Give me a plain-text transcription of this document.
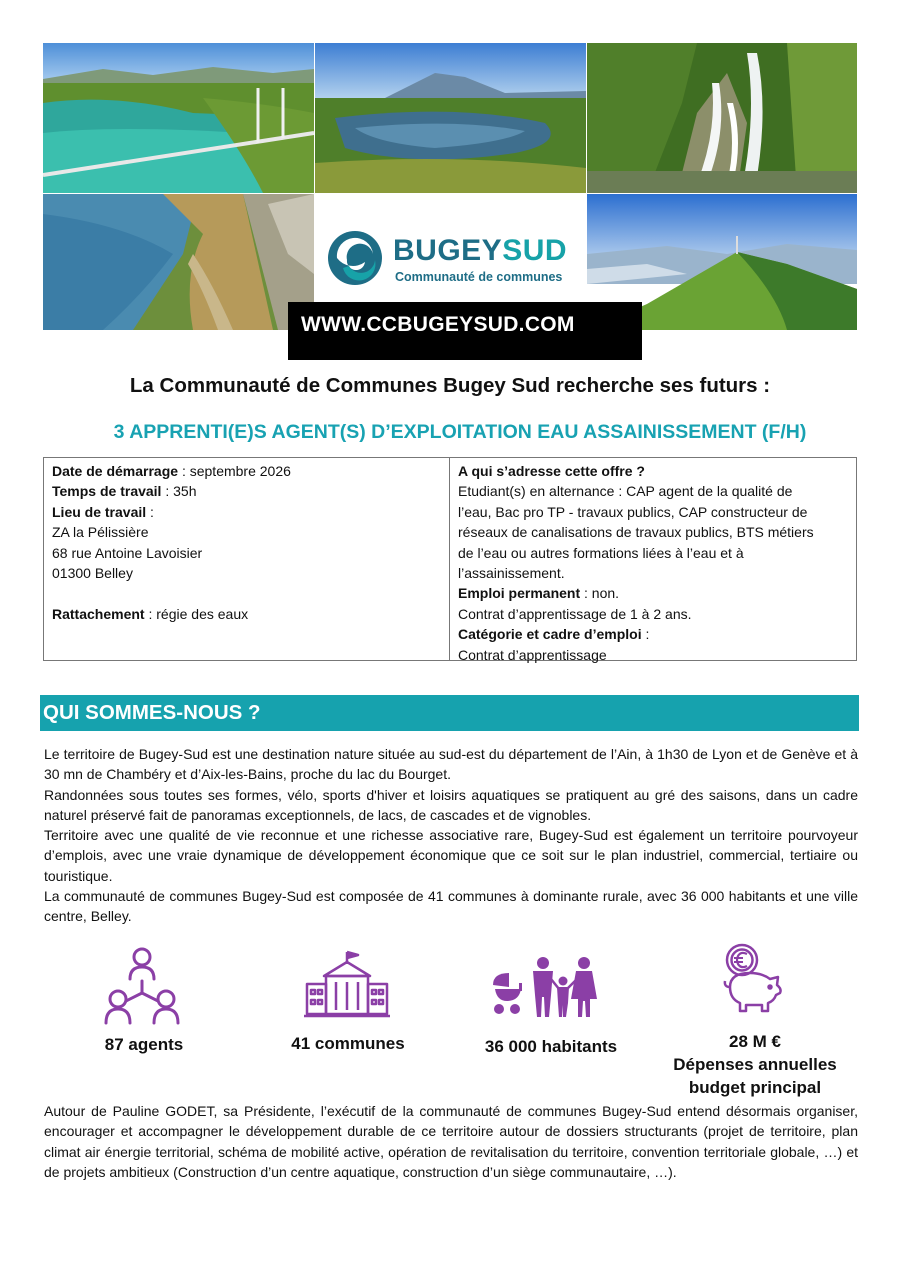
BUGEYSUD
Communauté de communes
WWW.CCBUGEYSUD.COM
La Communauté de Communes Bugey Sud recherche ses futurs :
3 APPRENTI(E)S AGENT(S) D’EXPLOITATION EAU ASSAINISSEMENT (F/H)
Date de démarrage : septembre 2026
Temps de travail : 35h
Lieu de travail :
ZA la Pélissière
68 rue Antoine Lavoisier
01300 Belley
Rattachement : régie des eaux
A qui s’adresse cette offre ?
Etudiant(s) en alternance : CAP agent de la qualité de
l’eau, Bac pro TP - travaux publics, CAP constructeur de
réseaux de canalisations de travaux publics, BTS métiers
de l’eau ou autres formations liées à l’eau et à
l’assainissement.
Emploi permanent : non.
Contrat d’apprentissage de 1 à 2 ans.
Catégorie et cadre d’emploi :
Contrat d’apprentissage
QUI SOMMES-NOUS ?
Le territoire de Bugey-Sud est une destination nature située au sud-est du département de l’Ain, à 1h30 de Lyon et de Genève et à 30 mn de Chambéry et d’Aix-les-Bains, proche du lac du Bourget.
Randonnées sous toutes ses formes, vélo, sports d'hiver et loisirs aquatiques se pratiquent au gré des saisons, dans un cadre naturel préservé fait de panoramas exceptionnels, de lacs, de cascades et de vignobles.
Territoire avec une qualité de vie reconnue et une richesse associative rare, Bugey-Sud est également un territoire pourvoyeur d’emplois, avec une vraie dynamique de développement économique que ce soit sur le plan industriel, commercial, tertiaire ou touristique.
La communauté de communes Bugey-Sud est composée de 41 communes à dominante rurale, avec 36 000 habitants et une ville centre, Belley.
87 agents	41 communes	36 000 habitants	28 M €
Dépenses annuelles
budget principal
Autour de Pauline GODET, sa Présidente, l’exécutif de la communauté de communes Bugey-Sud entend désormais organiser, encourager et accompagner le développement durable de ce territoire autour de dossiers structurants (projet de territoire, plan climat air énergie territorial, schéma de mobilité active, opération de revitalisation du territoire, convention territoriale globale, …) et de projets ambitieux (Construction d’un centre aquatique, construction d’un siège communautaire, …).
